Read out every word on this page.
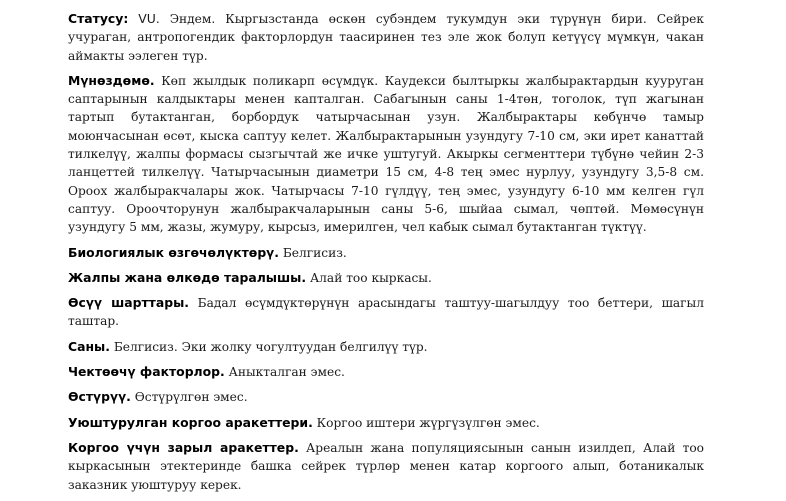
Статусу: VU. Эндем. Кыргызстанда өскөн субэндем тукумдун эки түрүнүн бири. Сейрек учураган, антропогендик факторлордун таасиринен тез эле жок болуп кетүүсү мүмкүн, чакан аймакты ээлеген түр.

Мүнөздөмө. Көп жылдык поликарп өсүмдүк. Каудекси былтыркы жалбырактардын кууруган саптарынын калдыктары менен капталган. Сабагынын саны 1-4төн, тоголок, түп жагынан тартып бутактанган, борбордук чатырчасынан узун. Жалбырактары көбүнчө тамыр моюнчасынан өсөт, кыска саптуу келет. Жалбырактарынын узундугу 7-10 см, эки ирет канаттай тилкелүү, жалпы формасы сызгычтай же ичке уштугуй. Акыркы сегменттери түбүнө чейин 2-3 ланцеттей тилкелүү. Чатырчасынын диаметри 15 см, 4-8 тең эмес нурлуу, узундугу 3,5-8 см. Ороох жалбыракчалары жок. Чатырчасы 7-10 гүлдүү, тең эмес, узундугу 6-10 мм келген гүл саптуу. Ороочторунун жалбыракчаларынын саны 5-6, шыйаа сымал, чөптөй. Мөмөсүнүн узундугу 5 мм, жазы, жумуру, кырсыз, имерилген, чел кабык сымал бутактанган түктүү.

Биологиялык өзгөчөлүктөрү. Белгисиз.

Жалпы жана өлкөдө таралышы. Алай тоо кыркасы.

Өсүү шарттары. Бадал өсүмдүктөрүнүн арасындагы таштуу-шагылдуу тоо беттери, шагыл таштар.

Саны. Белгисиз. Эки жолку чогултуудан белгилүү түр.

Чектөөчү факторлор. Аныкталган эмес.

Өстүрүү. Өстүрүлгөн эмес.

Уюштурулган коргоо аракеттери. Коргоо иштери жүргүзүлгөн эмес.

Коргоо үчүн зарыл аракеттер. Ареалын жана популяциясынын санын изилдеп, Алай тоо кыркасынын этектеринде башка сейрек түрлөр менен катар коргоого алып, ботаникалык заказник уюштуруу керек.
